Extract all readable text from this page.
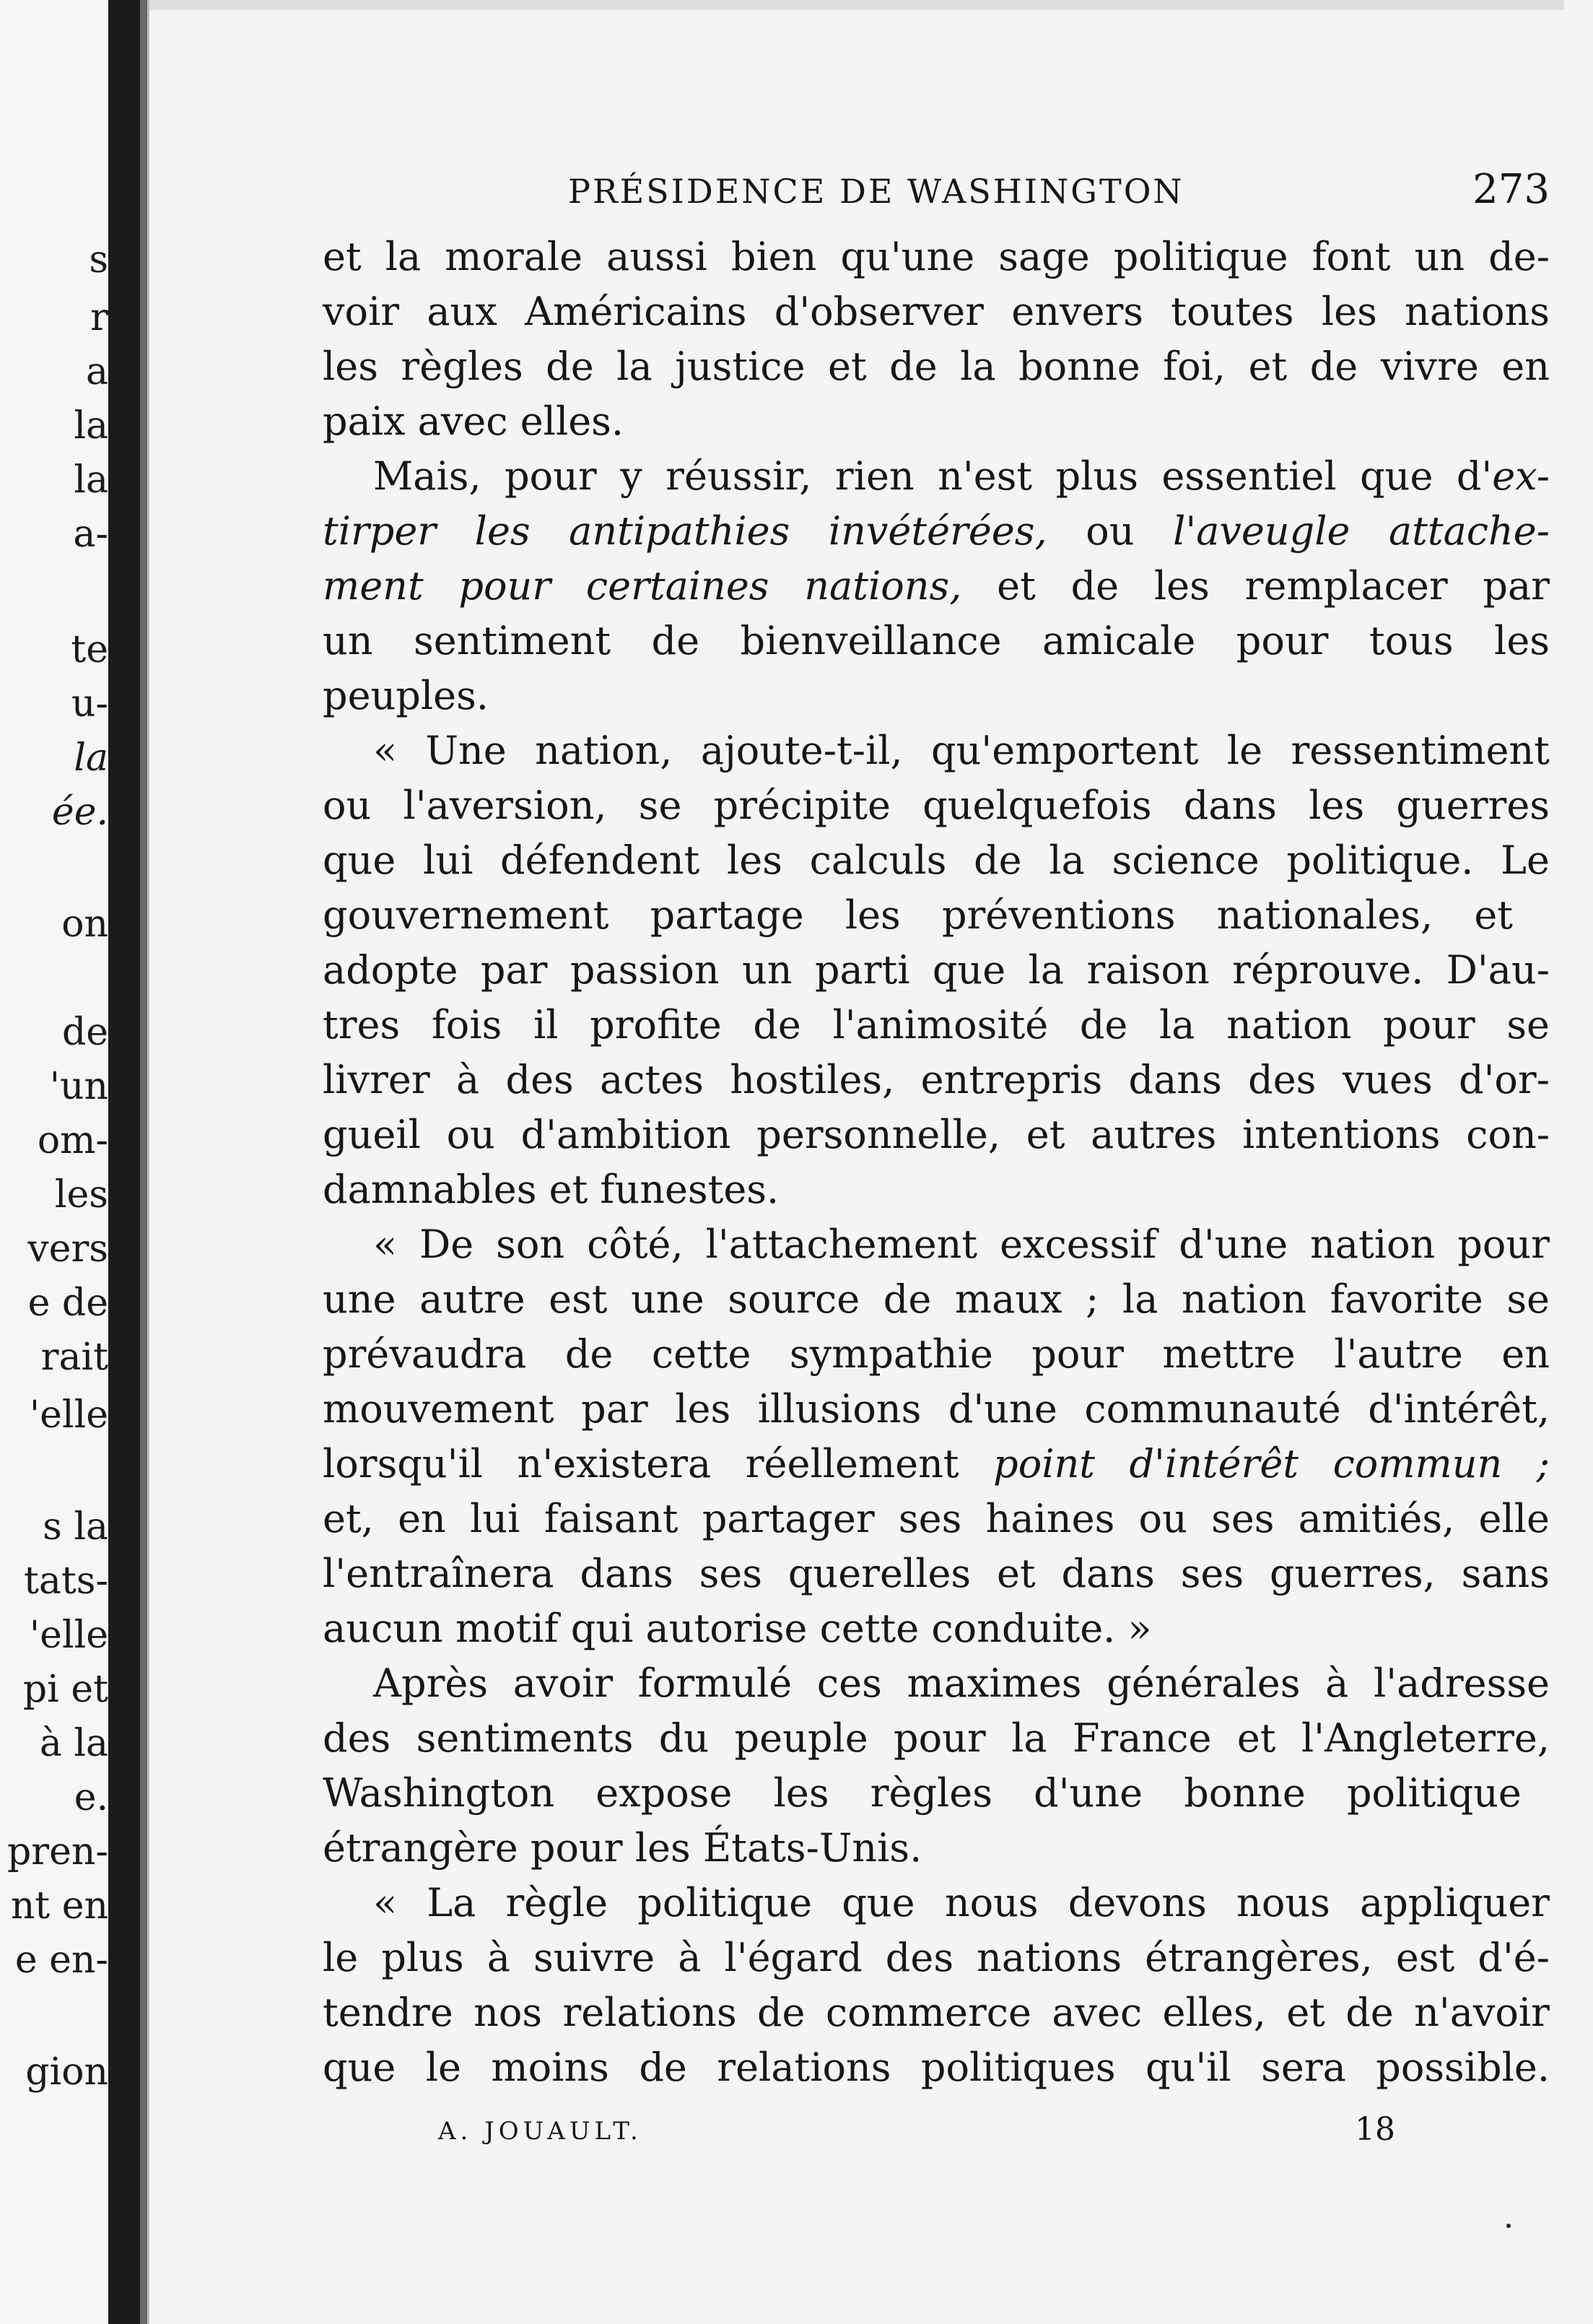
s
r
a
la
la
a-
te
u-
la
ée.
on
de
'un
om-
les
vers
e de
rait
'elle
s la
tats-
'elle
pi et
à la
e.
pren-
nt en
e en-
gion
PRÉSIDENCE DE WASHINGTON	273
et la morale aussi bien qu'une sage politique font un de-
voir aux Américains d'observer envers toutes les nations
les règles de la justice et de la bonne foi, et de vivre en
paix avec elles.
Mais, pour y réussir, rien n'est plus essentiel que d'ex-
tirper les antipathies invétérées, ou l'aveugle attache-
ment pour certaines nations, et de les remplacer par
un sentiment de bienveillance amicale pour tous les
peuples.
« Une nation, ajoute-t-il, qu'emportent le ressentiment
ou l'aversion, se précipite quelquefois dans les guerres
que lui défendent les calculs de la science politique. Le
gouvernement partage les préventions nationales, et
adopte par passion un parti que la raison réprouve. D'au-
tres fois il profite de l'animosité de la nation pour se
livrer à des actes hostiles, entrepris dans des vues d'or-
gueil ou d'ambition personnelle, et autres intentions con-
damnables et funestes.
« De son côté, l'attachement excessif d'une nation pour
une autre est une source de maux ; la nation favorite se
prévaudra de cette sympathie pour mettre l'autre en
mouvement par les illusions d'une communauté d'intérêt,
lorsqu'il n'existera réellement point d'intérêt commun ;
et, en lui faisant partager ses haines ou ses amitiés, elle
l'entraînera dans ses querelles et dans ses guerres, sans
aucun motif qui autorise cette conduite. »
Après avoir formulé ces maximes générales à l'adresse
des sentiments du peuple pour la France et l'Angleterre,
Washington expose les règles d'une bonne politique
étrangère pour les États-Unis.
« La règle politique que nous devons nous appliquer
le plus à suivre à l'égard des nations étrangères, est d'é-
tendre nos relations de commerce avec elles, et de n'avoir
que le moins de relations politiques qu'il sera possible.
A. JOUAULT.	18
